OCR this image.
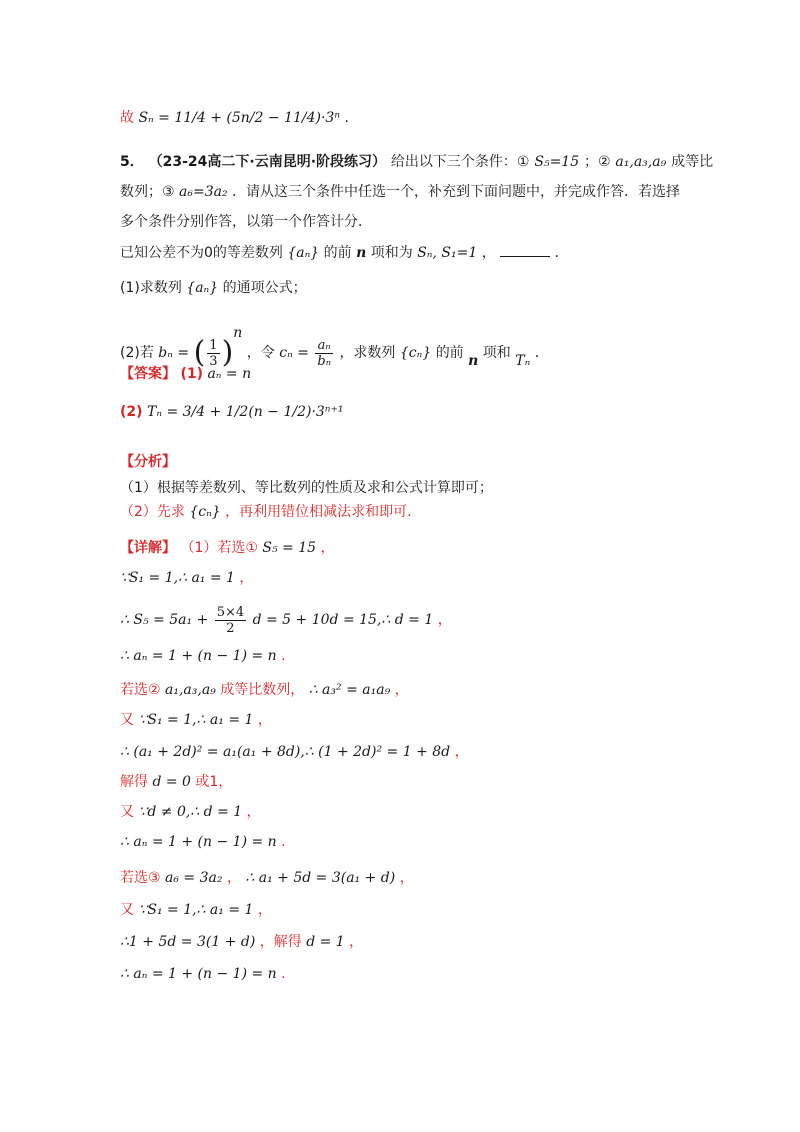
故 Sₙ = 11/4 + (5n/2 − 11/4)·3ⁿ .
5． （23-24高二下·云南昆明·阶段练习） 给出以下三个条件：① S₅=15 ；② a₁,a₃,a₉ 成等比
数列；③ a₆=3a₂ ．请从这三个条件中任选一个，补充到下面问题中，并完成作答．若选择
多个条件分别作答，以第一个作答计分．
已知公差不为0的等差数列 {aₙ} 的前 n 项和为 Sₙ, S₁=1 ，	．
(1)求数列 {aₙ} 的通项公式；
(2)若 bₙ = ( $\frac{1}{3} )^n$ ，令 $c_n = \frac{\text{aₙ}}{\text{bₙ}}$ ，求数列 {cₙ} 的前 n 项和 Tₙ ．
【答案】 (1) aₙ = n
(2) Tₙ = 3/4 + 1/2(n − 1/2)·3ⁿ⁺¹
【分析】
（1）根据等差数列、等比数列的性质及求和公式计算即可；
（2）先求 {cₙ} ，再利用错位相减法求和即可．
【详解】 （1）若选① S₅ = 15 ，
∵S₁ = 1,∴ a₁ = 1 ，
∴ $S_5 = 5a_1 + \frac{5\times 4}{2}$ d = 5 + 10d = 15,∴ d = 1 ，
∴ aₙ = 1 + (n − 1) = n .
若选② a₁,a₃,a₉ 成等比数列， ∴ a₃² = a₁a₉ ，
又 ∵S₁ = 1,∴ a₁ = 1 ，
∴ (a₁ + 2d)² = a₁(a₁ + 8d),∴ (1 + 2d)² = 1 + 8d ，
解得 d = 0 或1，
又 ∵d ≠ 0,∴ d = 1 ，
∴ aₙ = 1 + (n − 1) = n .
若选③ a₆ = 3a₂ ， ∴ a₁ + 5d = 3(a₁ + d) ，
又 ∵S₁ = 1,∴ a₁ = 1 ，
∴1 + 5d = 3(1 + d) ，解得 d = 1 ，
∴ aₙ = 1 + (n − 1) = n .
